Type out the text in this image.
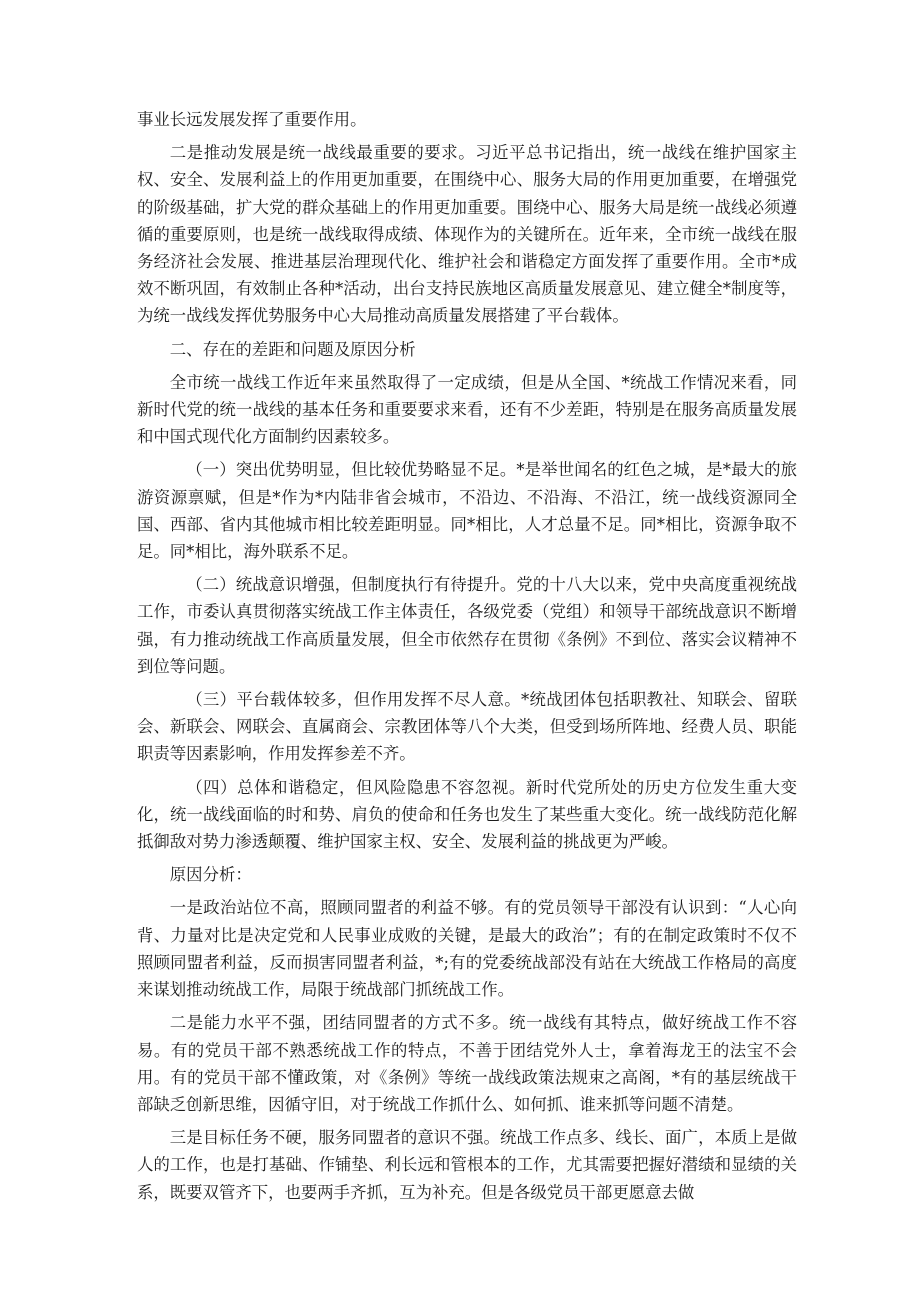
事业长远发展发挥了重要作用。

二是推动发展是统一战线最重要的要求。习近平总书记指出，统一战线在维护国家主权、安全、发展利益上的作用更加重要，在围绕中心、服务大局的作用更加重要，在增强党的阶级基础，扩大党的群众基础上的作用更加重要。围绕中心、服务大局是统一战线必须遵循的重要原则，也是统一战线取得成绩、体现作为的关键所在。近年来，全市统一战线在服务经济社会发展、推进基层治理现代化、维护社会和谐稳定方面发挥了重要作用。全市*成效不断巩固，有效制止各种*活动，出台支持民族地区高质量发展意见、建立健全*制度等，为统一战线发挥优势服务中心大局推动高质量发展搭建了平台载体。

二、存在的差距和问题及原因分析

全市统一战线工作近年来虽然取得了一定成绩，但是从全国、*统战工作情况来看，同新时代党的统一战线的基本任务和重要要求来看，还有不少差距，特别是在服务高质量发展和中国式现代化方面制约因素较多。

（一）突出优势明显，但比较优势略显不足。*是举世闻名的红色之城，是*最大的旅游资源禀赋，但是*作为*内陆非省会城市，不沿边、不沿海、不沿江，统一战线资源同全国、西部、省内其他城市相比较差距明显。同*相比，人才总量不足。同*相比，资源争取不足。同*相比，海外联系不足。

（二）统战意识增强，但制度执行有待提升。党的十八大以来，党中央高度重视统战工作，市委认真贯彻落实统战工作主体责任，各级党委（党组）和领导干部统战意识不断增强，有力推动统战工作高质量发展，但全市依然存在贯彻《条例》不到位、落实会议精神不到位等问题。

（三）平台载体较多，但作用发挥不尽人意。*统战团体包括职教社、知联会、留联会、新联会、网联会、直属商会、宗教团体等八个大类，但受到场所阵地、经费人员、职能职责等因素影响，作用发挥参差不齐。

（四）总体和谐稳定，但风险隐患不容忽视。新时代党所处的历史方位发生重大变化，统一战线面临的时和势、肩负的使命和任务也发生了某些重大变化。统一战线防范化解抵御敌对势力渗透颠覆、维护国家主权、安全、发展利益的挑战更为严峻。

原因分析：

一是政治站位不高，照顾同盟者的利益不够。有的党员领导干部没有认识到：“人心向背、力量对比是决定党和人民事业成败的关键，是最大的政治”；有的在制定政策时不仅不照顾同盟者利益，反而损害同盟者利益，*;有的党委统战部没有站在大统战工作格局的高度来谋划推动统战工作，局限于统战部门抓统战工作。

二是能力水平不强，团结同盟者的方式不多。统一战线有其特点，做好统战工作不容易。有的党员干部不熟悉统战工作的特点，不善于团结党外人士，拿着海龙王的法宝不会用。有的党员干部不懂政策，对《条例》等统一战线政策法规束之高阁，*有的基层统战干部缺乏创新思维，因循守旧，对于统战工作抓什么、如何抓、谁来抓等问题不清楚。

三是目标任务不硬，服务同盟者的意识不强。统战工作点多、线长、面广，本质上是做人的工作，也是打基础、作铺垫、利长远和管根本的工作，尤其需要把握好潜绩和显绩的关系，既要双管齐下，也要两手齐抓，互为补充。但是各级党员干部更愿意去做
